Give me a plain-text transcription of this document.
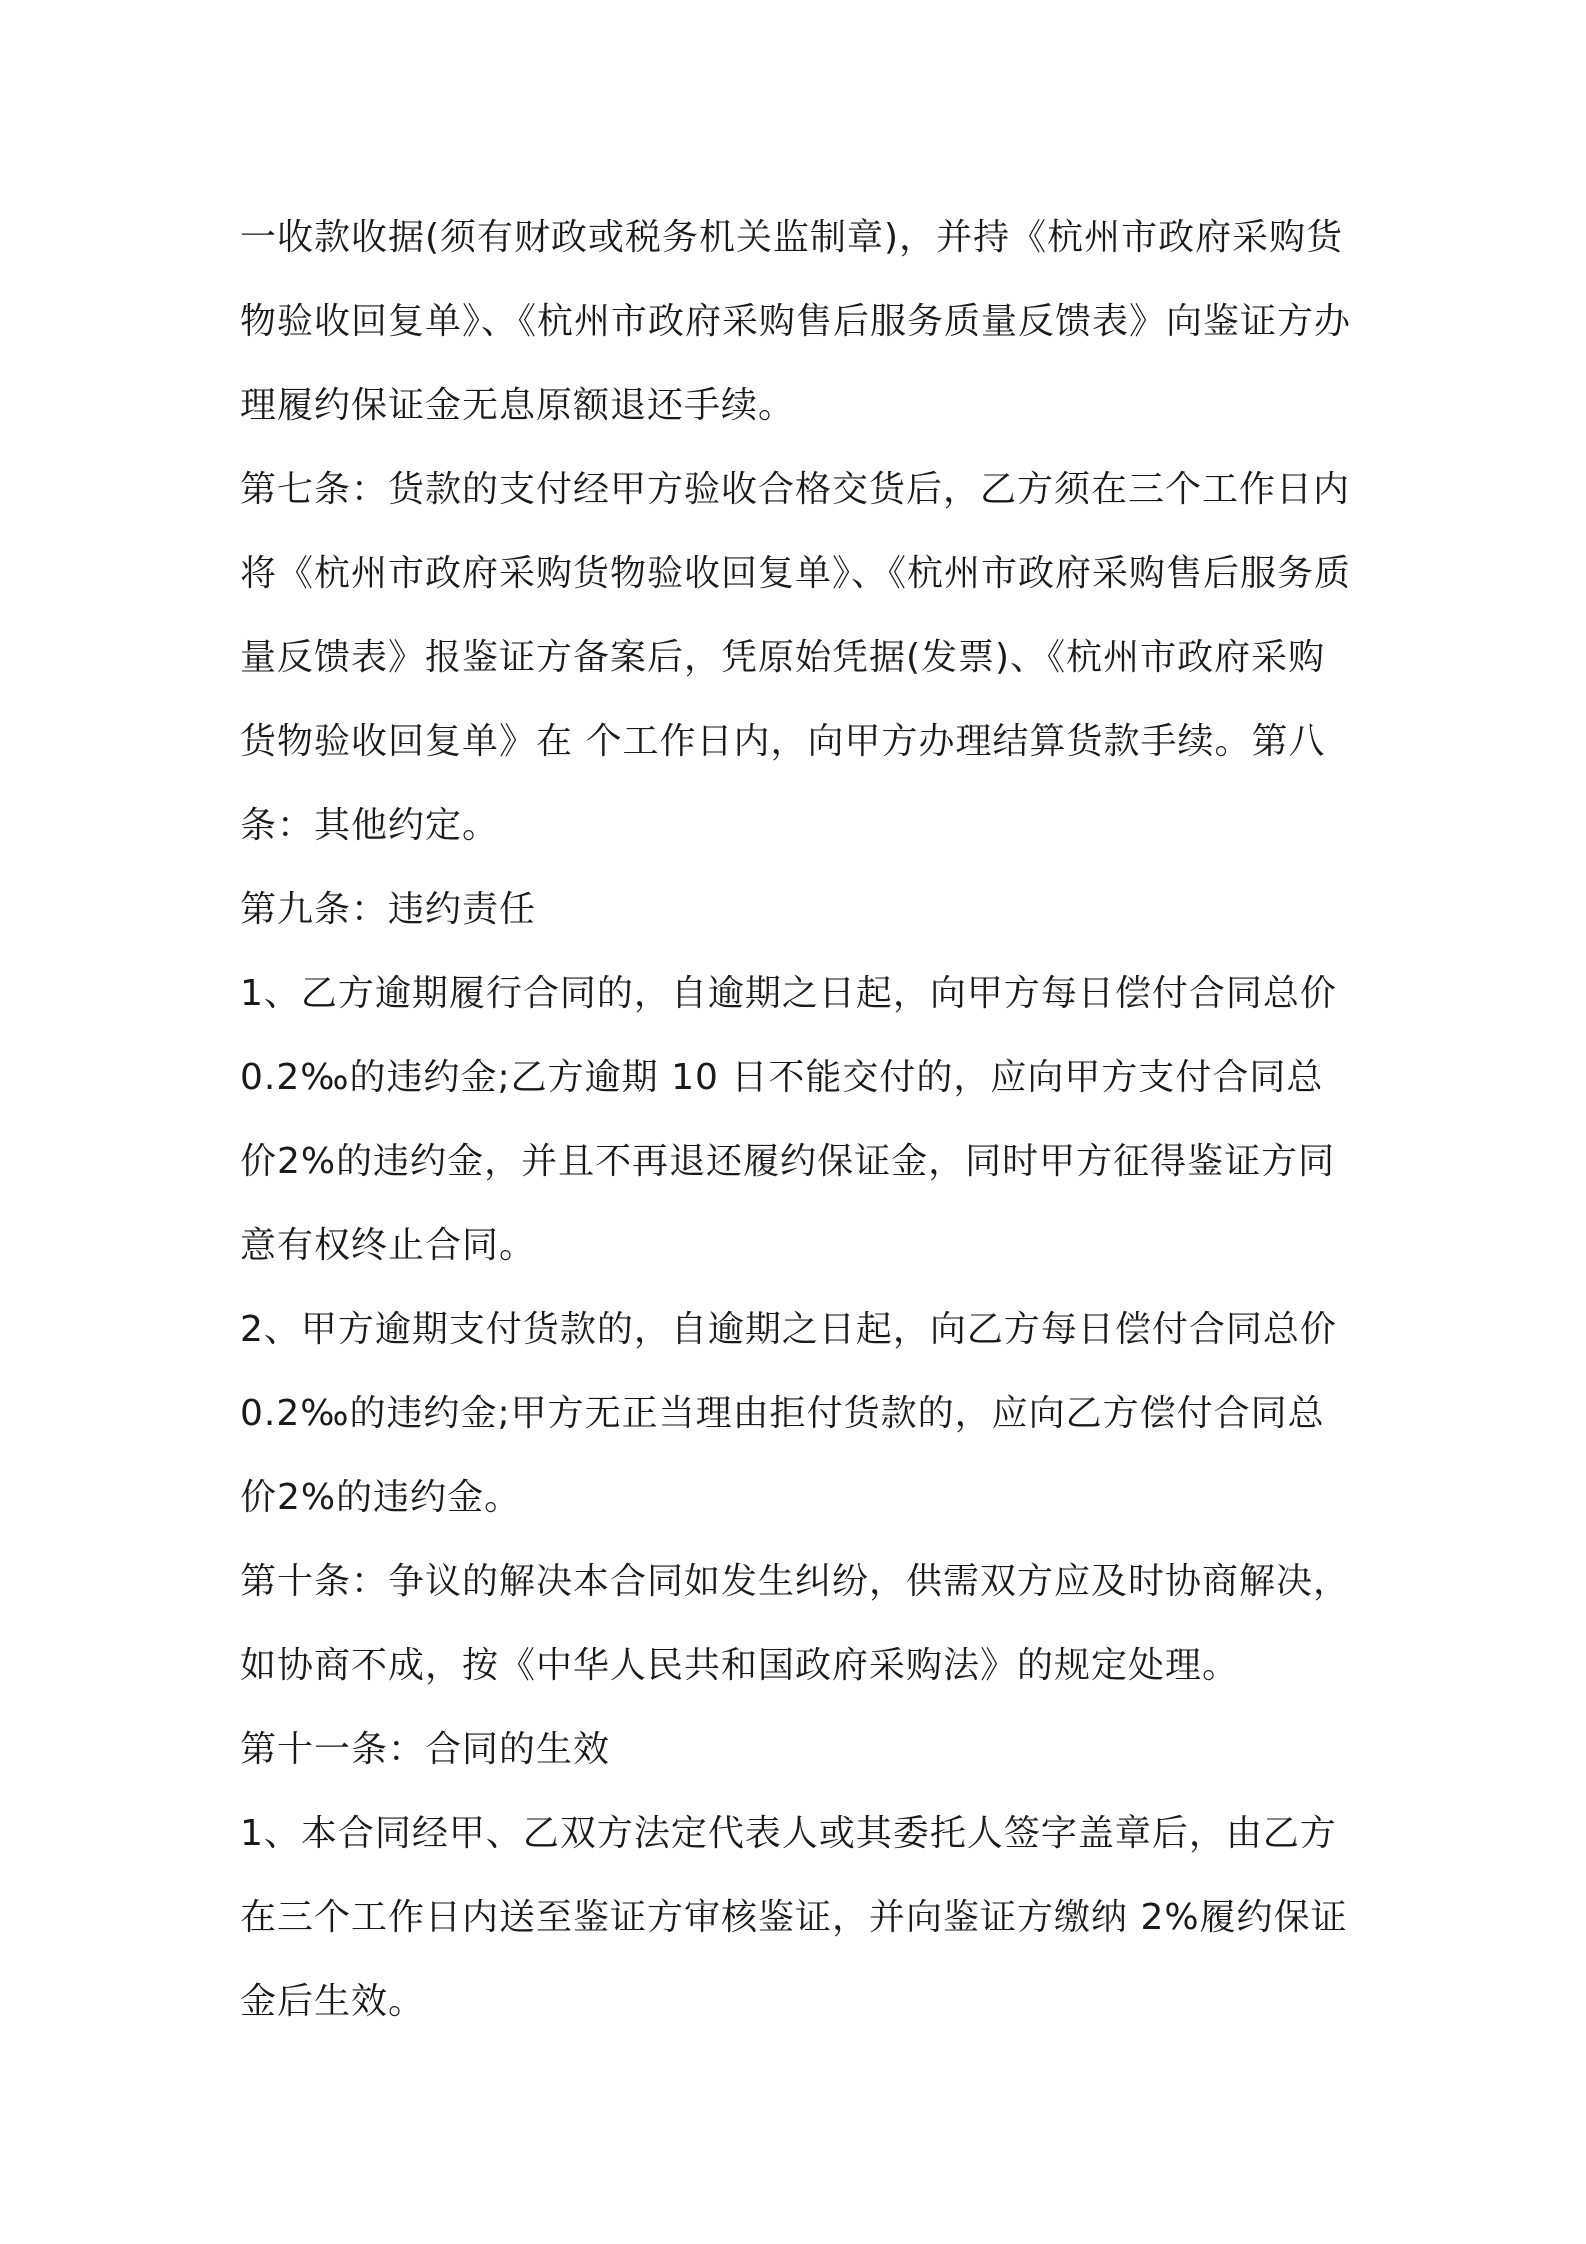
一收款收据(须有财政或税务机关监制章)，并持《杭州市政府采购货物验收回复单》、《杭州市政府采购售后服务质量反馈表》向鉴证方办理履约保证金无息原额退还手续。

第七条：货款的支付经甲方验收合格交货后，乙方须在三个工作日内将《杭州市政府采购货物验收回复单》、《杭州市政府采购售后服务质量反馈表》报鉴证方备案后，凭原始凭据(发票)、《杭州市政府采购货物验收回复单》在 个工作日内，向甲方办理结算货款手续。第八条：其他约定。

第九条：违约责任

1、乙方逾期履行合同的，自逾期之日起，向甲方每日偿付合同总价0.2‰的违约金;乙方逾期 10 日不能交付的，应向甲方支付合同总价2%的违约金，并且不再退还履约保证金，同时甲方征得鉴证方同意有权终止合同。

2、甲方逾期支付货款的，自逾期之日起，向乙方每日偿付合同总价0.2‰的违约金;甲方无正当理由拒付货款的，应向乙方偿付合同总价2%的违约金。

第十条：争议的解决本合同如发生纠纷，供需双方应及时协商解决，如协商不成，按《中华人民共和国政府采购法》的规定处理。

第十一条：合同的生效

1、本合同经甲、乙双方法定代表人或其委托人签字盖章后，由乙方在三个工作日内送至鉴证方审核鉴证，并向鉴证方缴纳 2%履约保证金后生效。
